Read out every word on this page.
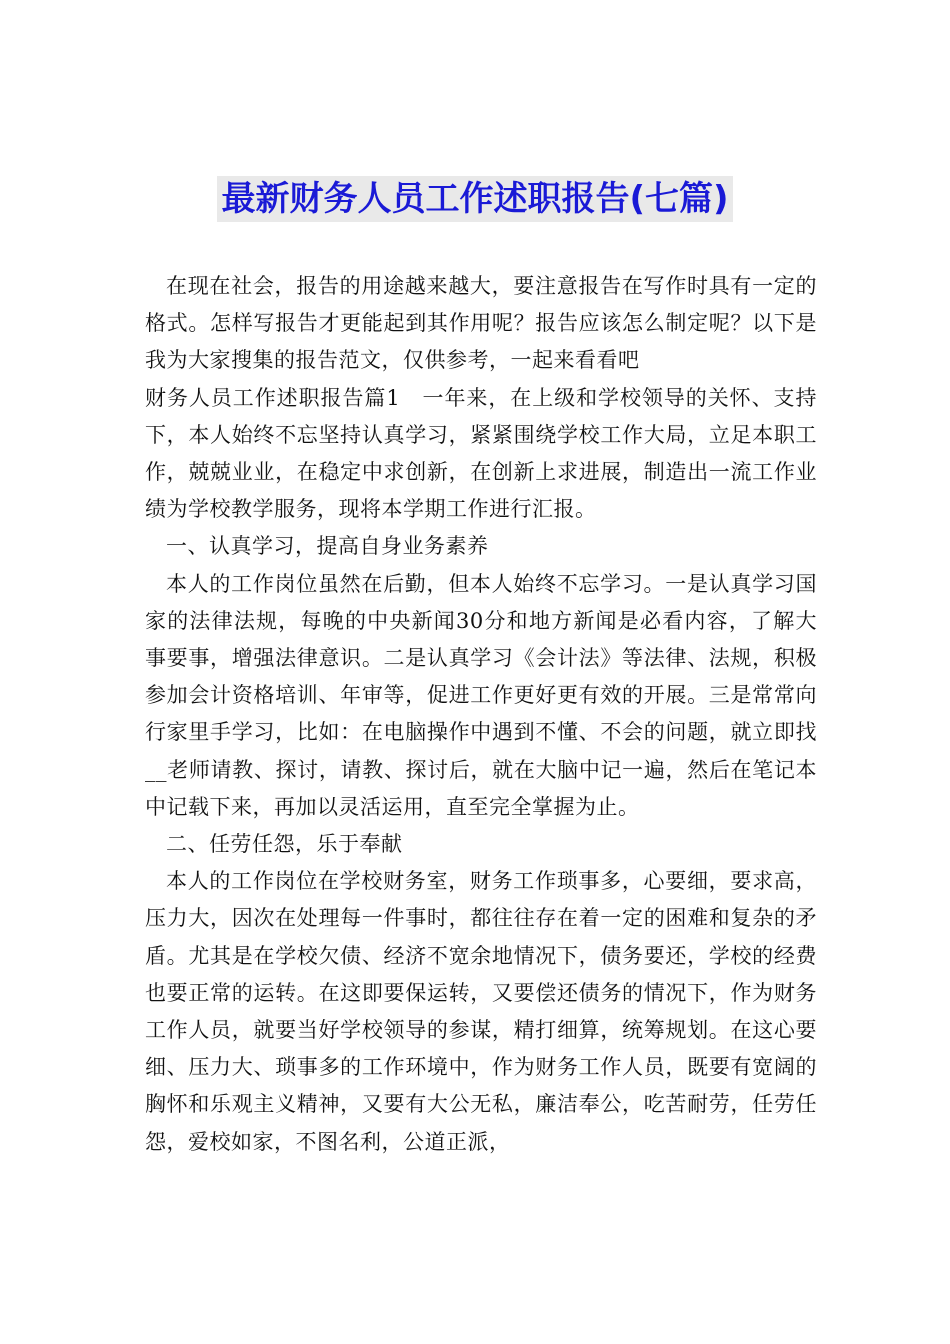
最新财务人员工作述职报告(七篇)

在现在社会，报告的用途越来越大，要注意报告在写作时具有一定的格式。怎样写报告才更能起到其作用呢？报告应该怎么制定呢？以下是我为大家搜集的报告范文，仅供参考，一起来看看吧

财务人员工作述职报告篇1　一年来，在上级和学校领导的关怀、支持下，本人始终不忘坚持认真学习，紧紧围绕学校工作大局，立足本职工作，兢兢业业，在稳定中求创新，在创新上求进展，制造出一流工作业绩为学校教学服务，现将本学期工作进行汇报。

一、认真学习，提高自身业务素养

本人的工作岗位虽然在后勤，但本人始终不忘学习。一是认真学习国家的法律法规，每晚的中央新闻30分和地方新闻是必看内容，了解大事要事，增强法律意识。二是认真学习《会计法》等法律、法规，积极参加会计资格培训、年审等，促进工作更好更有效的开展。三是常常向行家里手学习，比如：在电脑操作中遇到不懂、不会的问题，就立即找__老师请教、探讨，请教、探讨后，就在大脑中记一遍，然后在笔记本中记载下来，再加以灵活运用，直至完全掌握为止。

二、任劳任怨，乐于奉献

本人的工作岗位在学校财务室，财务工作琐事多，心要细，要求高，压力大，因次在处理每一件事时，都往往存在着一定的困难和复杂的矛盾。尤其是在学校欠债、经济不宽余地情况下，债务要还，学校的经费也要正常的运转。在这即要保运转，又要偿还债务的情况下，作为财务工作人员，就要当好学校领导的参谋，精打细算，统筹规划。在这心要细、压力大、琐事多的工作环境中，作为财务工作人员，既要有宽阔的胸怀和乐观主义精神，又要有大公无私，廉洁奉公，吃苦耐劳，任劳任怨，爱校如家，不图名利，公道正派，
